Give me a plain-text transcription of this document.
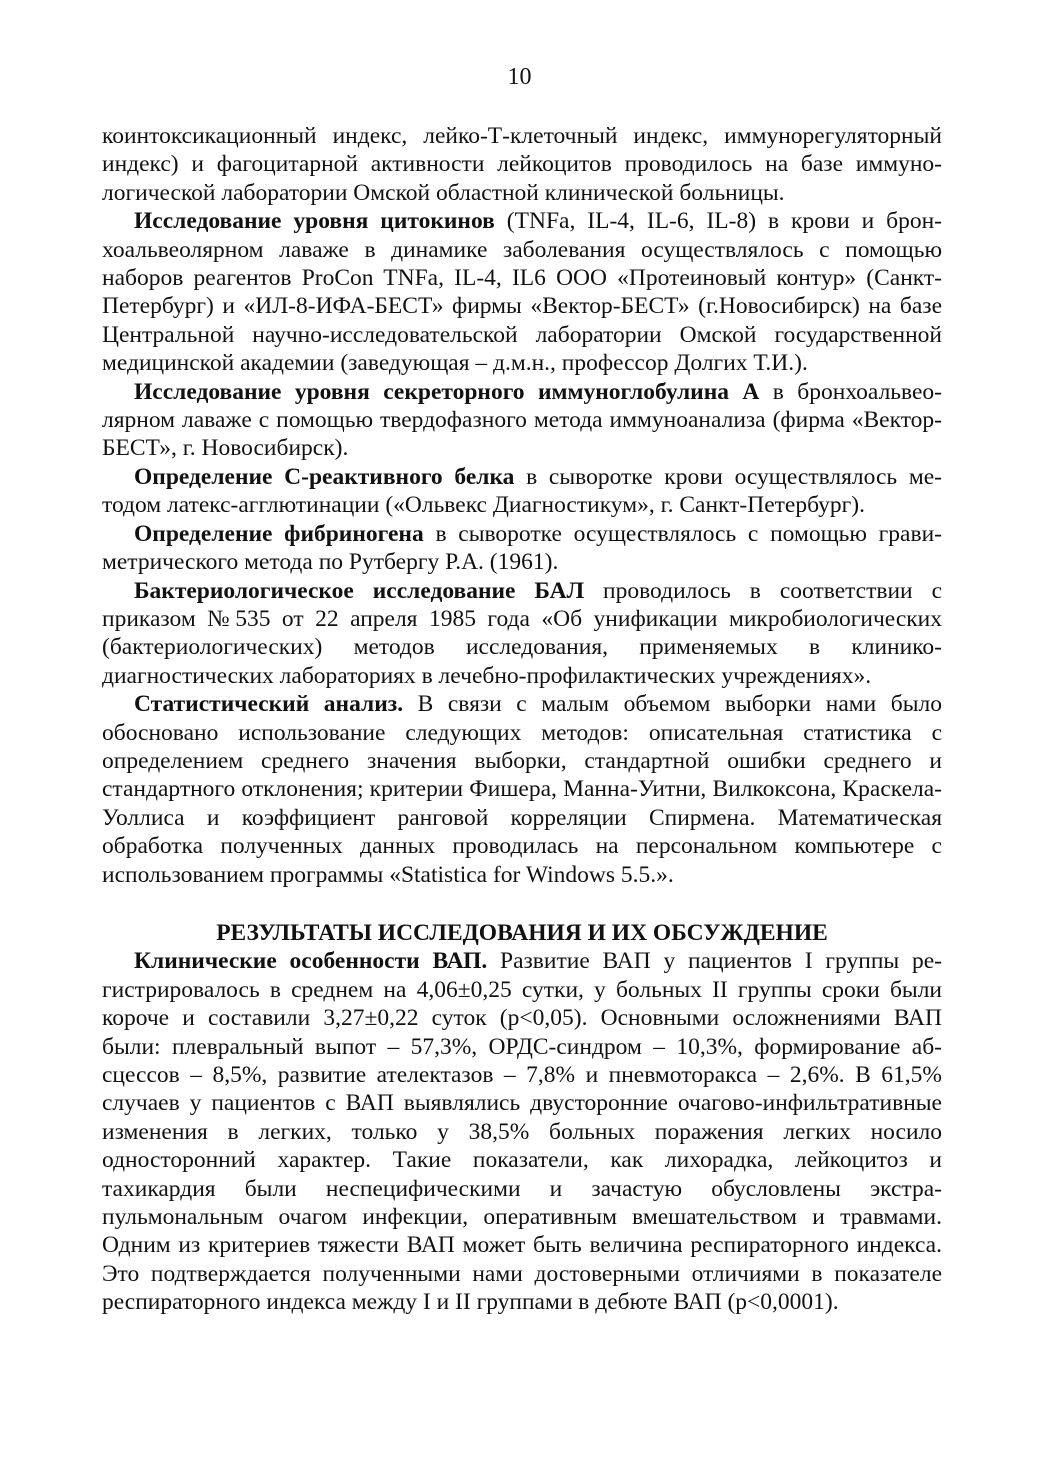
10

коинтоксикационный индекс, лейко-Т-клеточный индекс, иммунорегуляторный индекс) и фагоцитарной активности лейкоцитов проводилось на базе иммунологической лаборатории Омской областной клинической больницы.

Исследование уровня цитокинов (TNFa, IL-4, IL-6, IL-8) в крови и бронхоальвеолярном лаваже в динамике заболевания осуществлялось с помощью наборов реагентов ProCon TNFa, IL-4, IL6 ООО «Протеиновый контур» (Санкт-Петербург) и «ИЛ-8-ИФА-БЕСТ» фирмы «Вектор-БЕСТ» (г.Новосибирск) на базе Центральной научно-исследовательской лаборатории Омской государственной медицинской академии (заведующая – д.м.н., профессор Долгих Т.И.).

Исследование уровня секреторного иммуноглобулина А в бронхоальвеолярном лаваже с помощью твердофазного метода иммуноанализа (фирма «Вектор-БЕСТ», г. Новосибирск).

Определение С-реактивного белка в сыворотке крови осуществлялось методом латекс-агглютинации («Ольвекс Диагностикум», г. Санкт-Петербург).

Определение фибриногена в сыворотке осуществлялось с помощью гравиметрического метода по Рутбергу Р.А. (1961).

Бактериологическое исследование БАЛ проводилось в соответствии с приказом №535 от 22 апреля 1985 года «Об унификации микробиологических (бактериологических) методов исследования, применяемых в клинико-диагностических лабораториях в лечебно-профилактических учреждениях».

Статистический анализ. В связи с малым объемом выборки нами было обосновано использование следующих методов: описательная статистика с определением среднего значения выборки, стандартной ошибки среднего и стандартного отклонения; критерии Фишера, Манна-Уитни, Вилкоксона, Краскела-Уоллиса и коэффициент ранговой корреляции Спирмена. Математическая обработка полученных данных проводилась на персональном компьютере с использованием программы «Statistica for Windows 5.5.».

РЕЗУЛЬТАТЫ ИССЛЕДОВАНИЯ И ИХ ОБСУЖДЕНИЕ

Клинические особенности ВАП. Развитие ВАП у пациентов I группы регистрировалось в среднем на 4,06±0,25 сутки, у больных II группы сроки были короче и составили 3,27±0,22 суток (p<0,05). Основными осложнениями ВАП были: плевральный выпот – 57,3%, ОРДС-синдром – 10,3%, формирование абсцессов – 8,5%, развитие ателектазов – 7,8% и пневмоторакса – 2,6%. В 61,5% случаев у пациентов с ВАП выявлялись двусторонние очагово-инфильтративные изменения в легких, только у 38,5% больных поражения легких носило односторонний характер. Такие показатели, как лихорадка, лейкоцитоз и тахикардия были неспецифическими и зачастую обусловлены экстрапульмональным очагом инфекции, оперативным вмешательством и травмами. Одним из критериев тяжести ВАП может быть величина респираторного индекса. Это подтверждается полученными нами достоверными отличиями в показателе респираторного индекса между I и II группами в дебюте ВАП (p<0,0001).
